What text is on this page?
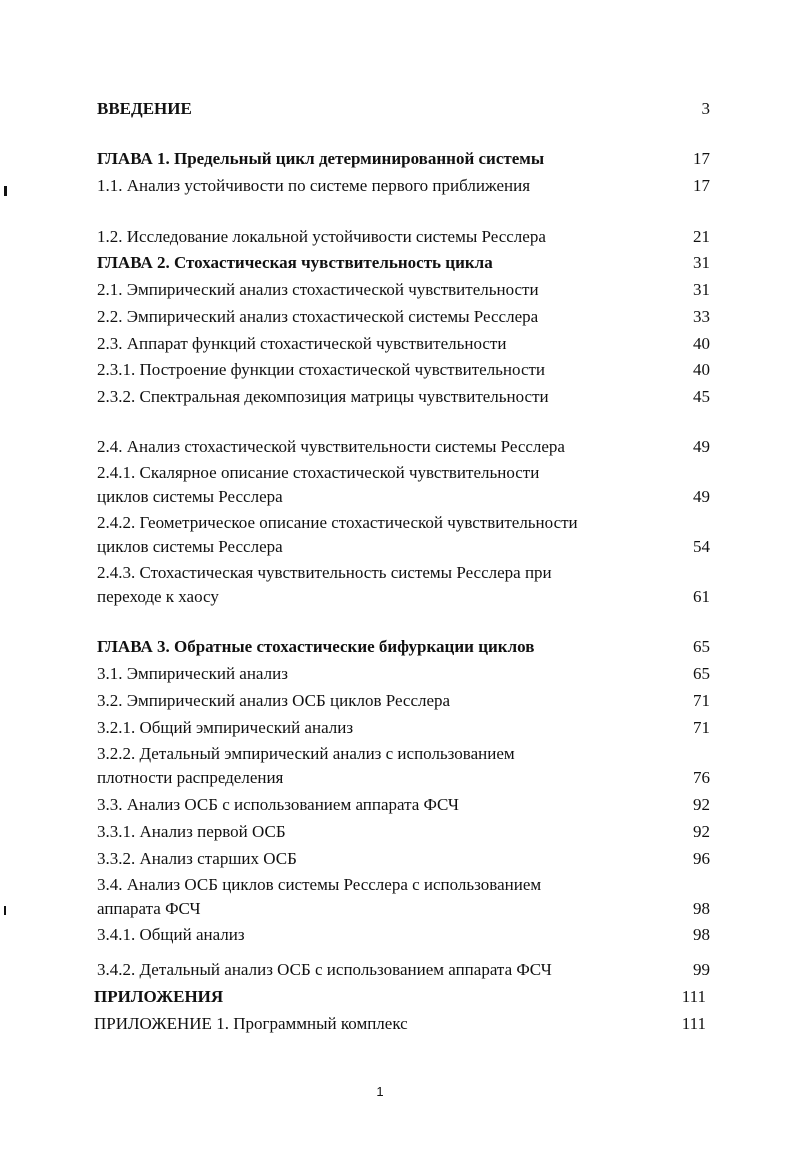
ВВЕДЕНИЕ	3
ГЛАВА 1. Предельный цикл детерминированной системы	17
1.1. Анализ устойчивости по системе первого приближения	17
1.2. Исследование локальной устойчивости системы Ресслера	21
ГЛАВА 2. Стохастическая чувствительность цикла	31
2.1. Эмпирический анализ стохастической чувствительности	31
2.2. Эмпирический анализ стохастической системы Ресслера	33
2.3. Аппарат функций стохастической чувствительности	40
2.3.1. Построение функции стохастической чувствительности	40
2.3.2. Спектральная декомпозиция матрицы чувствительности	45
2.4. Анализ стохастической чувствительности системы Ресслера	49
2.4.1. Скалярное описание стохастической чувствительности
циклов системы Ресслера	49
2.4.2. Геометрическое описание стохастической чувствительности
циклов системы Ресслера	54
2.4.3. Стохастическая чувствительность системы Ресслера при
переходе к хаосу	61
ГЛАВА 3. Обратные стохастические бифуркации циклов	65
3.1. Эмпирический анализ	65
3.2. Эмпирический анализ ОСБ циклов Ресслера	71
3.2.1. Общий эмпирический анализ	71
3.2.2. Детальный эмпирический анализ с использованием
плотности распределения	76
3.3. Анализ ОСБ с использованием аппарата ФСЧ	92
3.3.1. Анализ первой ОСБ	92
3.3.2. Анализ старших ОСБ	96
3.4. Анализ ОСБ циклов системы Ресслера с использованием
аппарата ФСЧ	98
3.4.1. Общий анализ	98
3.4.2. Детальный анализ ОСБ с использованием аппарата ФСЧ	99
ПРИЛОЖЕНИЯ	111
ПРИЛОЖЕНИЕ 1. Программный комплекс	111
1
